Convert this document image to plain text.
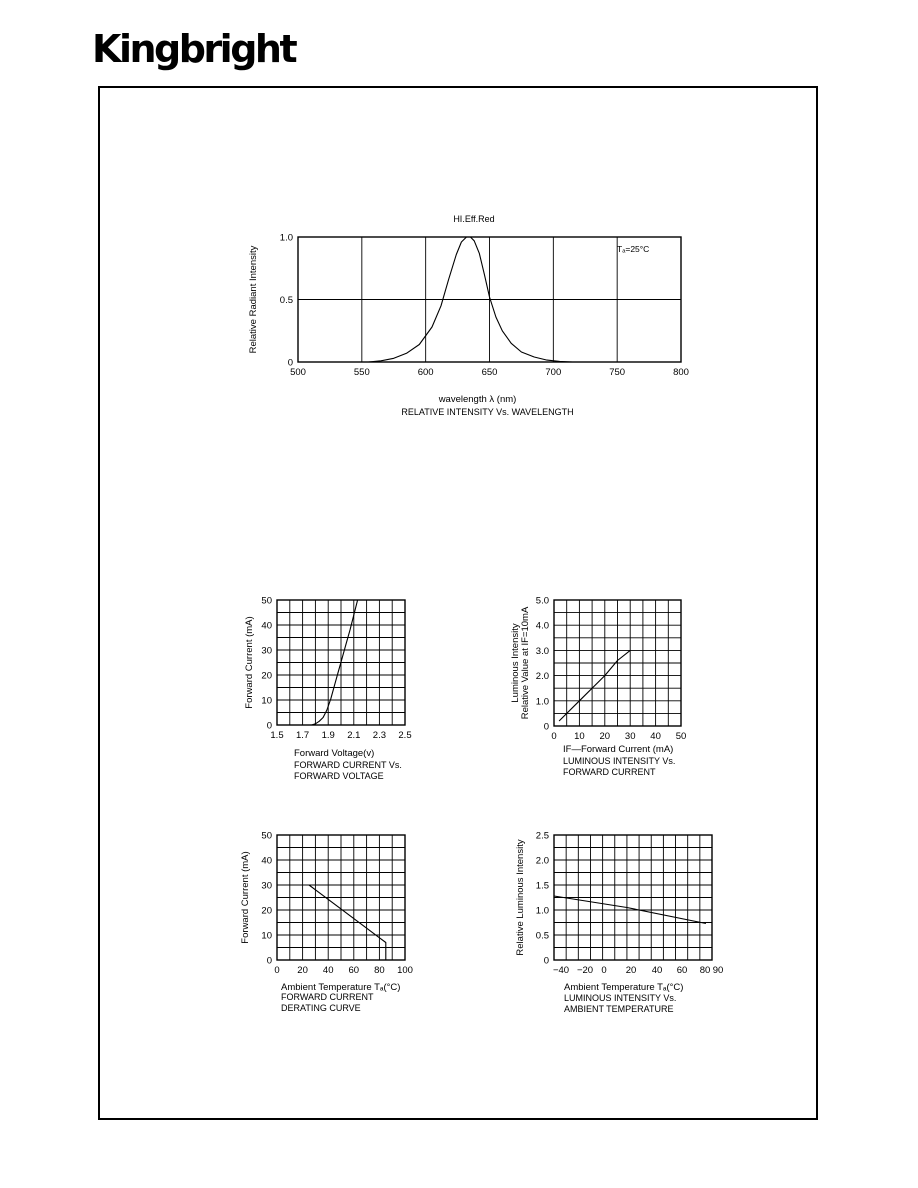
Kingbright
500	550	600	650	700	750	800
0
0.5
1.0
Relative Radiant Intensity
wavelength λ (nm)
RELATIVE INTENSITY Vs. WAVELENGTH
HI.Eff.Red
Tₐ=25°C
1.5 1.7 1.9 2.1 2.3 2.5
0
10
20
30
40
50
Forward Current (mA)
Forward Voltage(v)
FORWARD CURRENT Vs.
FORWARD VOLTAGE
0 10 20 30 40 50
0
1.0
2.0
3.0
4.0
5.0
Luminous Intensity Relative Value at IF=10mA
IF—Forward Current (mA)
LUMINOUS INTENSITY Vs.
FORWARD CURRENT
0 20 40 60 80 100
0
10
20
30
40
50
Forward Current (mA)
Ambient Temperature Tₐ(°C)
FORWARD CURRENT
DERATING CURVE
−40 −20 0 20 40 60 80 90
0
0.5
1.0
1.5
2.0
2.5
Relative Luminous Intensity
Ambient Temperature Tₐ(°C)
LUMINOUS INTENSITY Vs.
AMBIENT TEMPERATURE
